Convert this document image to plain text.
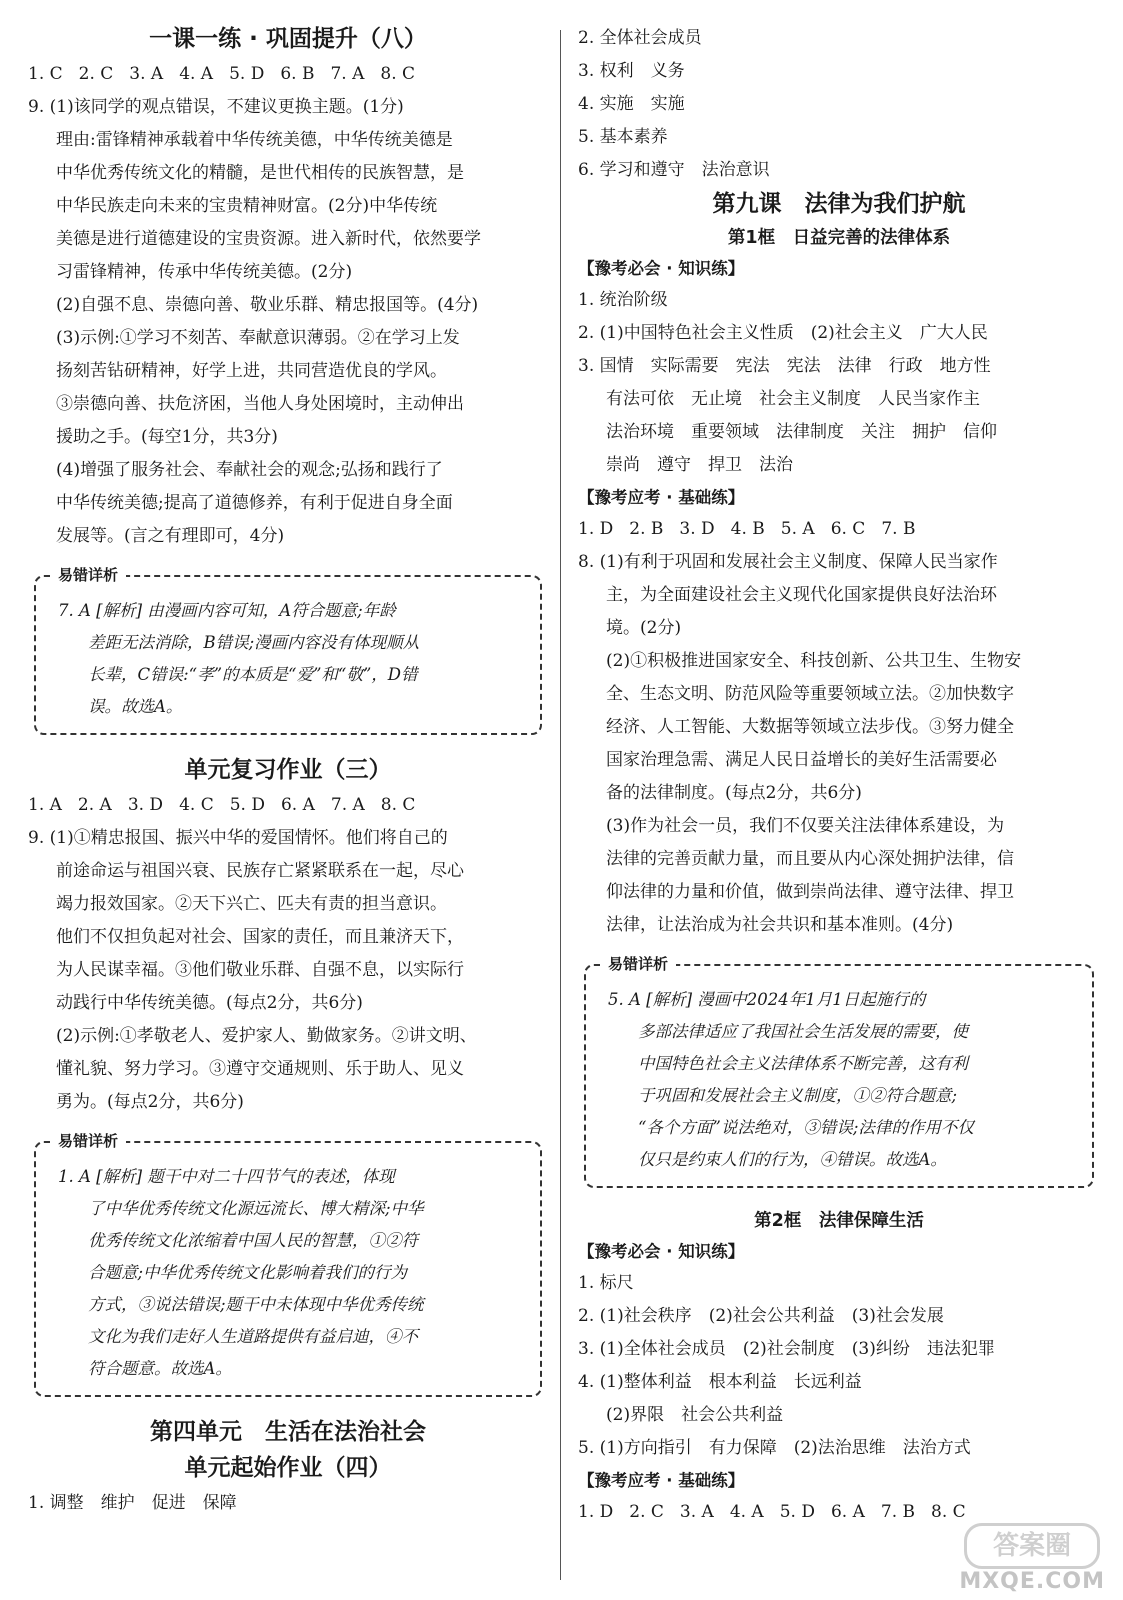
一课一练 · 巩固提升（八）
1. C 2. C 3. A 4. A 5. D 6. B 7. A 8. C
9. (1)该同学的观点错误，不建议更换主题。(1分)
理由:雷锋精神承载着中华传统美德，中华传统美德是
中华优秀传统文化的精髓，是世代相传的民族智慧，是
中华民族走向未来的宝贵精神财富。(2分)中华传统
美德是进行道德建设的宝贵资源。进入新时代，依然要学
习雷锋精神，传承中华传统美德。(2分)
(2)自强不息、崇德向善、敬业乐群、精忠报国等。(4分)
(3)示例:①学习不刻苦、奉献意识薄弱。②在学习上发
扬刻苦钻研精神，好学上进，共同营造优良的学风。
③崇德向善、扶危济困，当他人身处困境时，主动伸出
援助之手。(每空1分，共3分)
(4)增强了服务社会、奉献社会的观念;弘扬和践行了
中华传统美德;提高了道德修养，有利于促进自身全面
发展等。(言之有理即可，4分)
易错详析
7. A [解析] 由漫画内容可知，A符合题意;年龄
差距无法消除，B错误;漫画内容没有体现顺从
长辈，C错误:“孝”的本质是“爱”和“敬”，D错
误。故选A。
单元复习作业（三）
1. A 2. A 3. D 4. C 5. D 6. A 7. A 8. C
9. (1)①精忠报国、振兴中华的爱国情怀。他们将自己的
前途命运与祖国兴衰、民族存亡紧紧联系在一起，尽心
竭力报效国家。②天下兴亡、匹夫有责的担当意识。
他们不仅担负起对社会、国家的责任，而且兼济天下，
为人民谋幸福。③他们敬业乐群、自强不息，以实际行
动践行中华传统美德。(每点2分，共6分)
(2)示例:①孝敬老人、爱护家人、勤做家务。②讲文明、
懂礼貌、努力学习。③遵守交通规则、乐于助人、见义
勇为。(每点2分，共6分)
易错详析
1. A [解析] 题干中对二十四节气的表述，体现
了中华优秀传统文化源远流长、博大精深;中华
优秀传统文化浓缩着中国人民的智慧，①②符
合题意;中华优秀传统文化影响着我们的行为
方式，③说法错误;题干中未体现中华优秀传统
文化为我们走好人生道路提供有益启迪，④不
符合题意。故选A。
第四单元　生活在法治社会
单元起始作业（四）
1. 调整　维护　促进　保障
2. 全体社会成员
3. 权利　义务
4. 实施　实施
5. 基本素养
6. 学习和遵守　法治意识
第九课　法律为我们护航
第1框　日益完善的法律体系
【豫考必会 · 知识练】
1. 统治阶级
2. (1)中国特色社会主义性质　(2)社会主义　广大人民
3. 国情　实际需要　宪法　宪法　法律　行政　地方性
有法可依　无止境　社会主义制度　人民当家作主
法治环境　重要领域　法律制度　关注　拥护　信仰
崇尚　遵守　捍卫　法治
【豫考应考 · 基础练】
1. D 2. B 3. D 4. B 5. A 6. C 7. B
8. (1)有利于巩固和发展社会主义制度、保障人民当家作
主，为全面建设社会主义现代化国家提供良好法治环
境。(2分)
(2)①积极推进国家安全、科技创新、公共卫生、生物安
全、生态文明、防范风险等重要领域立法。②加快数字
经济、人工智能、大数据等领域立法步伐。③努力健全
国家治理急需、满足人民日益增长的美好生活需要必
备的法律制度。(每点2分，共6分)
(3)作为社会一员，我们不仅要关注法律体系建设，为
法律的完善贡献力量，而且要从内心深处拥护法律，信
仰法律的力量和价值，做到崇尚法律、遵守法律、捍卫
法律，让法治成为社会共识和基本准则。(4分)
易错详析
5. A [解析] 漫画中2024年1月1日起施行的
多部法律适应了我国社会生活发展的需要，使
中国特色社会主义法律体系不断完善，这有利
于巩固和发展社会主义制度，①②符合题意;
“各个方面”说法绝对，③错误;法律的作用不仅
仅只是约束人们的行为，④错误。故选A。
第2框　法律保障生活
【豫考必会 · 知识练】
1. 标尺
2. (1)社会秩序　(2)社会公共利益　(3)社会发展
3. (1)全体社会成员　(2)社会制度　(3)纠纷　违法犯罪
4. (1)整体利益　根本利益　长远利益
(2)界限　社会公共利益
5. (1)方向指引　有力保障　(2)法治思维　法治方式
【豫考应考 · 基础练】
1. D 2. C 3. A 4. A 5. D 6. A 7. B 8. C
答案圈
MXQE.COM
